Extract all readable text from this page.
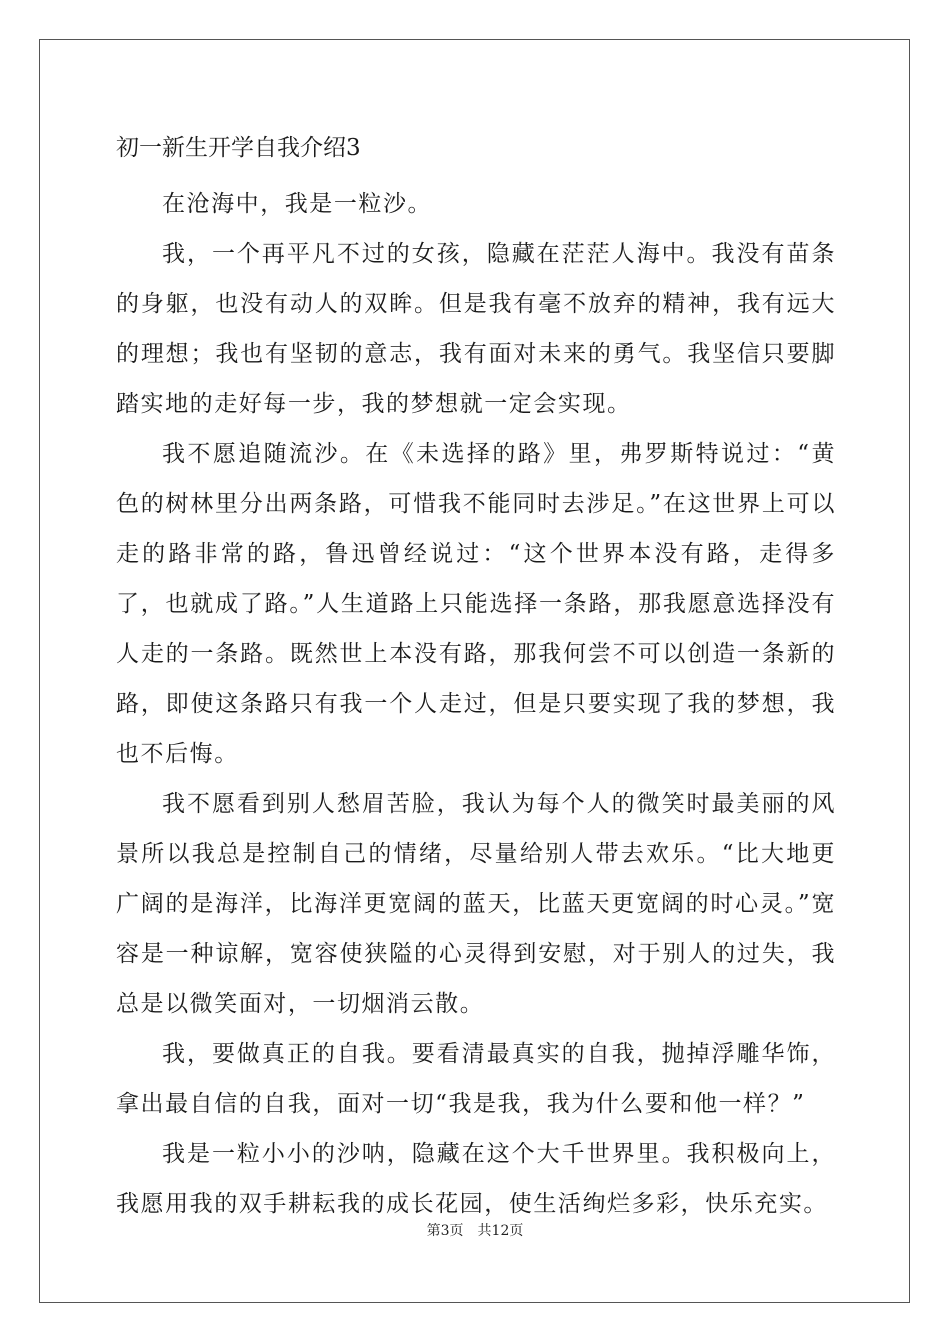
初一新生开学自我介绍3

在沧海中，我是一粒沙。

我，一个再平凡不过的女孩，隐藏在茫茫人海中。我没有苗条的身躯，也没有动人的双眸。但是我有毫不放弃的精神，我有远大的理想；我也有坚韧的意志，我有面对未来的勇气。我坚信只要脚踏实地的走好每一步，我的梦想就一定会实现。

我不愿追随流沙。在《未选择的路》里，弗罗斯特说过：“黄色的树林里分出两条路，可惜我不能同时去涉足。”在这世界上可以走的路非常的路，鲁迅曾经说过：“这个世界本没有路，走得多了，也就成了路。”人生道路上只能选择一条路，那我愿意选择没有人走的一条路。既然世上本没有路，那我何尝不可以创造一条新的路，即使这条路只有我一个人走过，但是只要实现了我的梦想，我也不后悔。

我不愿看到别人愁眉苦脸，我认为每个人的微笑时最美丽的风景所以我总是控制自己的情绪，尽量给别人带去欢乐。“比大地更广阔的是海洋，比海洋更宽阔的蓝天，比蓝天更宽阔的时心灵。”宽容是一种谅解，宽容使狭隘的心灵得到安慰，对于别人的过失，我总是以微笑面对，一切烟消云散。

我，要做真正的自我。要看清最真实的自我，抛掉浮雕华饰，拿出最自信的自我，面对一切“我是我，我为什么要和他一样？”

我是一粒小小的沙呐，隐藏在这个大千世界里。我积极向上，我愿用我的双手耕耘我的成长花园，使生活绚烂多彩，快乐充实。

第3页　共12页
